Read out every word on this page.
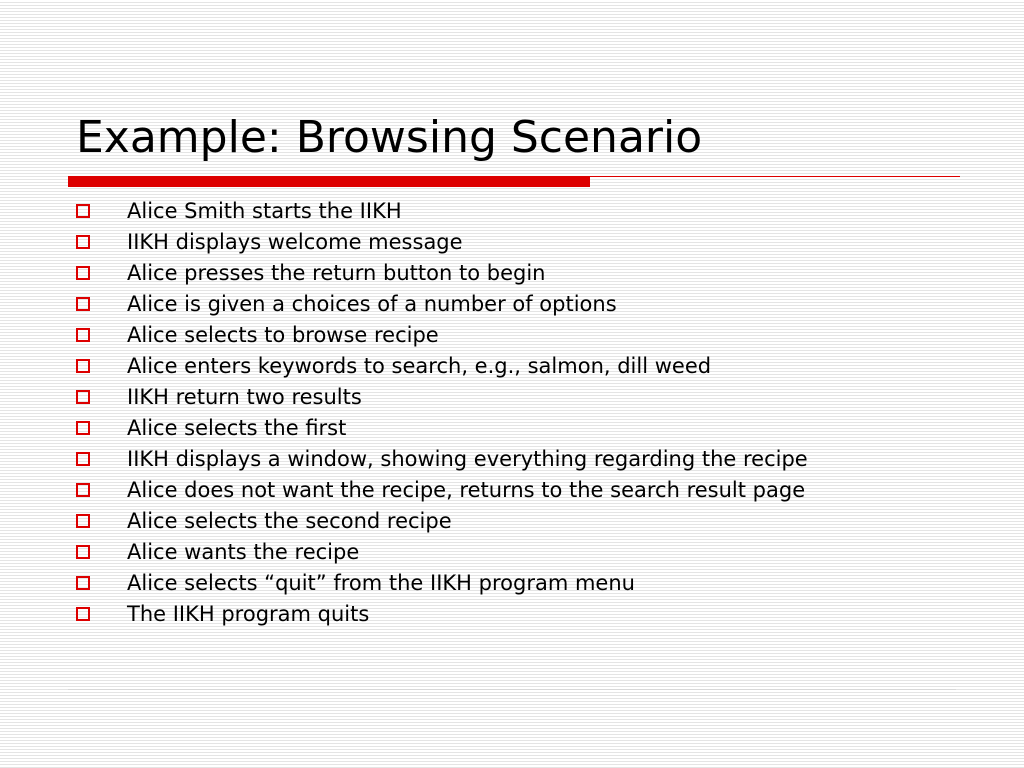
Example: Browsing Scenario
Alice Smith starts the IIKH
IIKH displays welcome message
Alice presses the return button to begin
Alice is given a choices of a number of options
Alice selects to browse recipe
Alice enters keywords to search, e.g., salmon, dill weed
IIKH return two results
Alice selects the first
IIKH displays a window, showing everything regarding the recipe
Alice does not want the recipe, returns to the search result page
Alice selects the second recipe
Alice wants the recipe
Alice selects “quit” from the IIKH program menu
The IIKH program quits
